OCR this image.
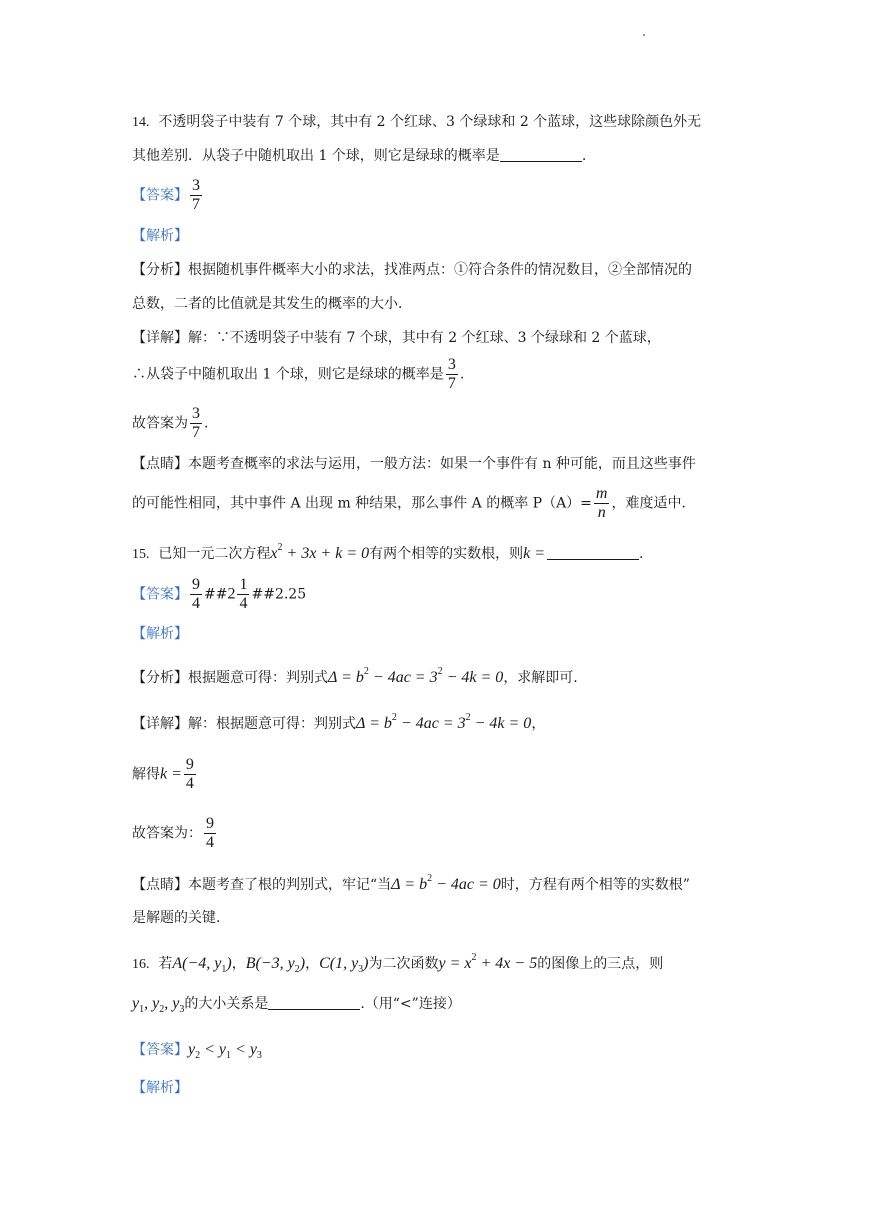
14. 不透明袋子中装有 7 个球，其中有 2 个红球、3 个绿球和 2 个蓝球，这些球除颜色外无
其他差别．从袋子中随机取出 1 个球，则它是绿球的概率是	.
【答案】 $\frac{3}{7}$
【解析】
【分析】根据随机事件概率大小的求法，找准两点：①符合条件的情况数目，②全部情况的
总数，二者的比值就是其发生的概率的大小．
【详解】解：∵不透明袋子中装有 7 个球，其中有 2 个红球、3 个绿球和 2 个蓝球，
∴从袋子中随机取出 1 个球，则它是绿球的概率是 $\frac{3}{7}$ .
故答案为 $\frac{3}{7}$ .
【点睛】本题考查概率的求法与运用，一般方法：如果一个事件有 n 种可能，而且这些事件
的可能性相同，其中事件 A 出现 m 种结果，那么事件 A 的概率 $P(A)= \frac{m}{n}$ ，难度适中．
15. 已知一元二次方程$x^2 + 3x + k = 0$有两个相等的实数根，则k =	.
【答案】 $\frac{9}{4}$ ##2 $\frac{1}{4}$ ##2.25
【解析】
【分析】根据题意可得：判别式$\Delta = b^2 - 4ac = 3^2 - 4k = 0$，求解即可.
【详解】解：根据题意可得：判别式$\Delta = b^2 - 4ac = 3^2 - 4k = 0$，
解得$k = \frac{9}{4}$
故答案为： $\frac{9}{4}$
【点睛】本题考查了根的判别式，牢记“当$\Delta = b^2 - 4ac = 0$时，方程有两个相等的实数根”
是解题的关键.
16. 若A(−4, $y_1$)，B(−3, $y_2$)，C(1, $y_3$)为二次函数$y = x^2 + 4x - 5$的图像上的三点，则
$y_1$, $y_2$, $y_3$的大小关系是	.（用“<”连接）
【答案】$y_2 < y_1 < y_3$
【解析】
